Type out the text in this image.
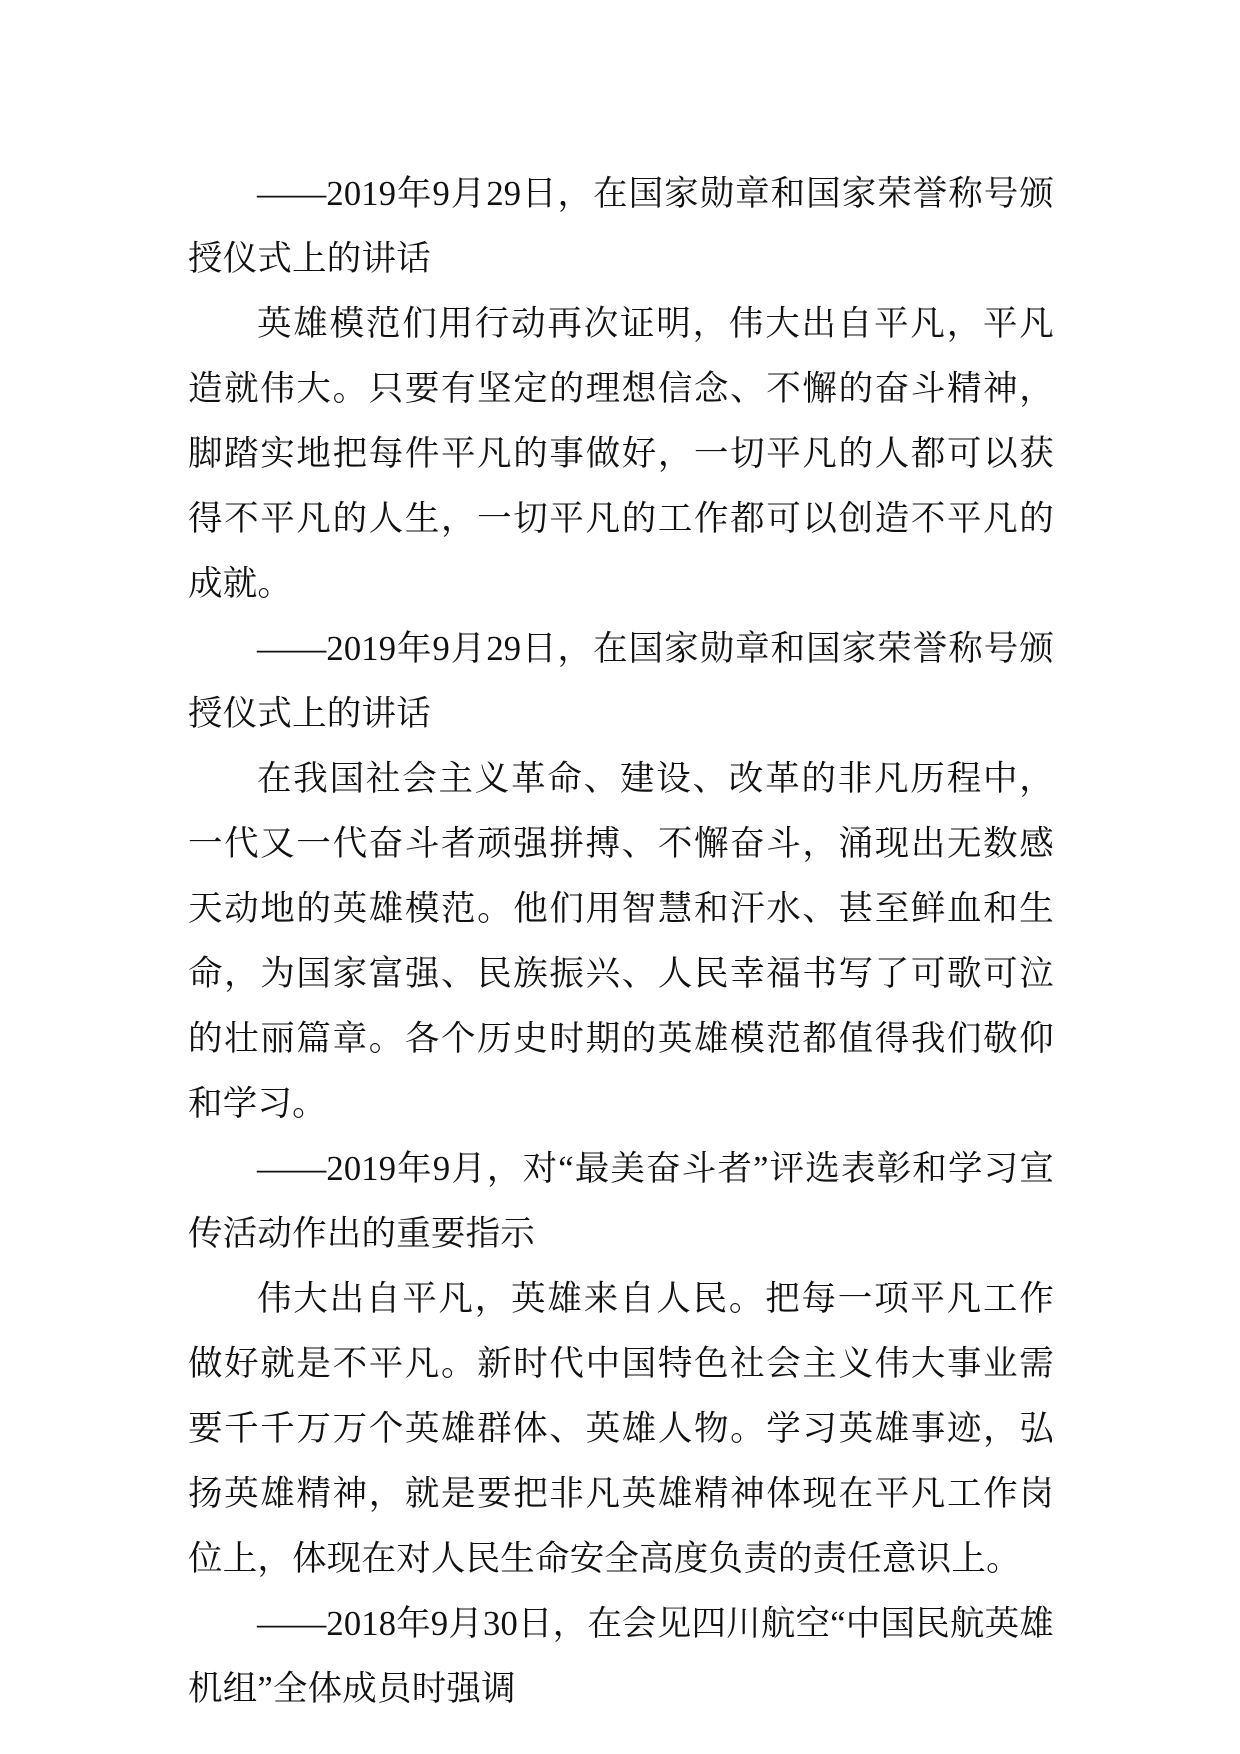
——2019年9月29日，在国家勋章和国家荣誉称号颁授仪式上的讲话

英雄模范们用行动再次证明，伟大出自平凡，平凡造就伟大。只要有坚定的理想信念、不懈的奋斗精神，脚踏实地把每件平凡的事做好，一切平凡的人都可以获得不平凡的人生，一切平凡的工作都可以创造不平凡的成就。

——2019年9月29日，在国家勋章和国家荣誉称号颁授仪式上的讲话

在我国社会主义革命、建设、改革的非凡历程中，一代又一代奋斗者顽强拼搏、不懈奋斗，涌现出无数感天动地的英雄模范。他们用智慧和汗水、甚至鲜血和生命，为国家富强、民族振兴、人民幸福书写了可歌可泣的壮丽篇章。各个历史时期的英雄模范都值得我们敬仰和学习。

——2019年9月，对“最美奋斗者”评选表彰和学习宣传活动作出的重要指示

伟大出自平凡，英雄来自人民。把每一项平凡工作做好就是不平凡。新时代中国特色社会主义伟大事业需要千千万万个英雄群体、英雄人物。学习英雄事迹，弘扬英雄精神，就是要把非凡英雄精神体现在平凡工作岗位上，体现在对人民生命安全高度负责的责任意识上。

——2018年9月30日，在会见四川航空“中国民航英雄机组”全体成员时强调
